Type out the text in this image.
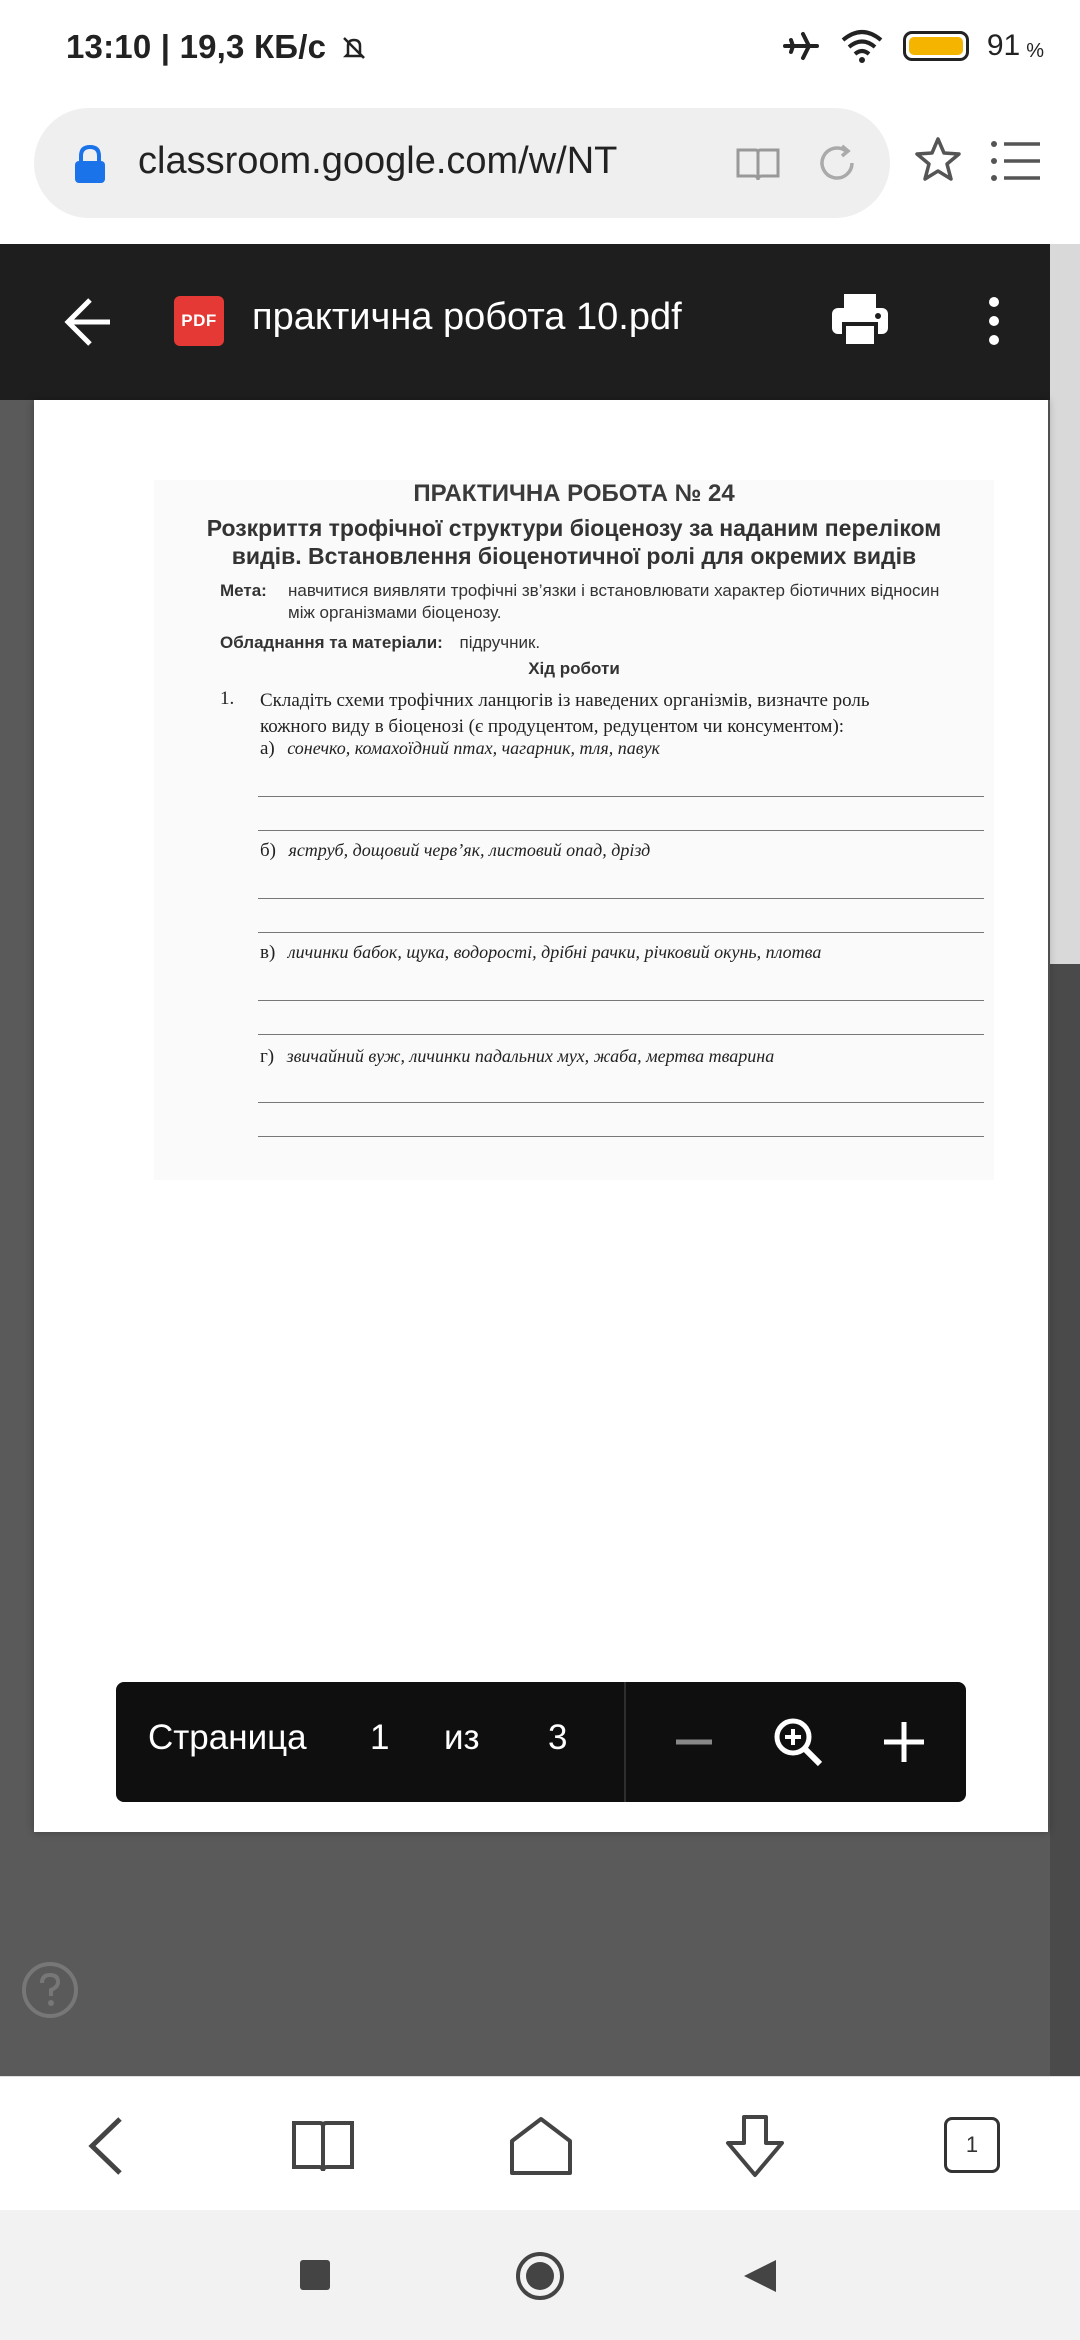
13:10 | 19,3 КБ/с	91 %
classroom.google.com/w/NT
PDF практична робота 10.pdf
ПРАКТИЧНА РОБОТА № 24
Розкриття трофічної структури біоценозу за наданим переліком
видів. Встановлення біоценотичної ролі для окремих видів
Мета: навчитися виявляти трофічні зв’язки і встановлювати характер біотичних відносин
між організмами біоценозу.
Обладнання та матеріали: підручник.
Хід роботи
1. Складіть схеми трофічних ланцюгів із наведених організмів, визначте роль
кожного виду в біоценозі (є продуцентом, редуцентом чи консументом):
а) сонечко, комахоїдний птах, чагарник, тля, павук
б) яструб, дощовий черв’як, листовий опад, дрізд
в) личинки бабок, щука, водорості, дрібні рачки, річковий окунь, плотва
г) звичайний вуж, личинки падальних мух, жаба, мертва тварина
Страница 1 из 3
1
